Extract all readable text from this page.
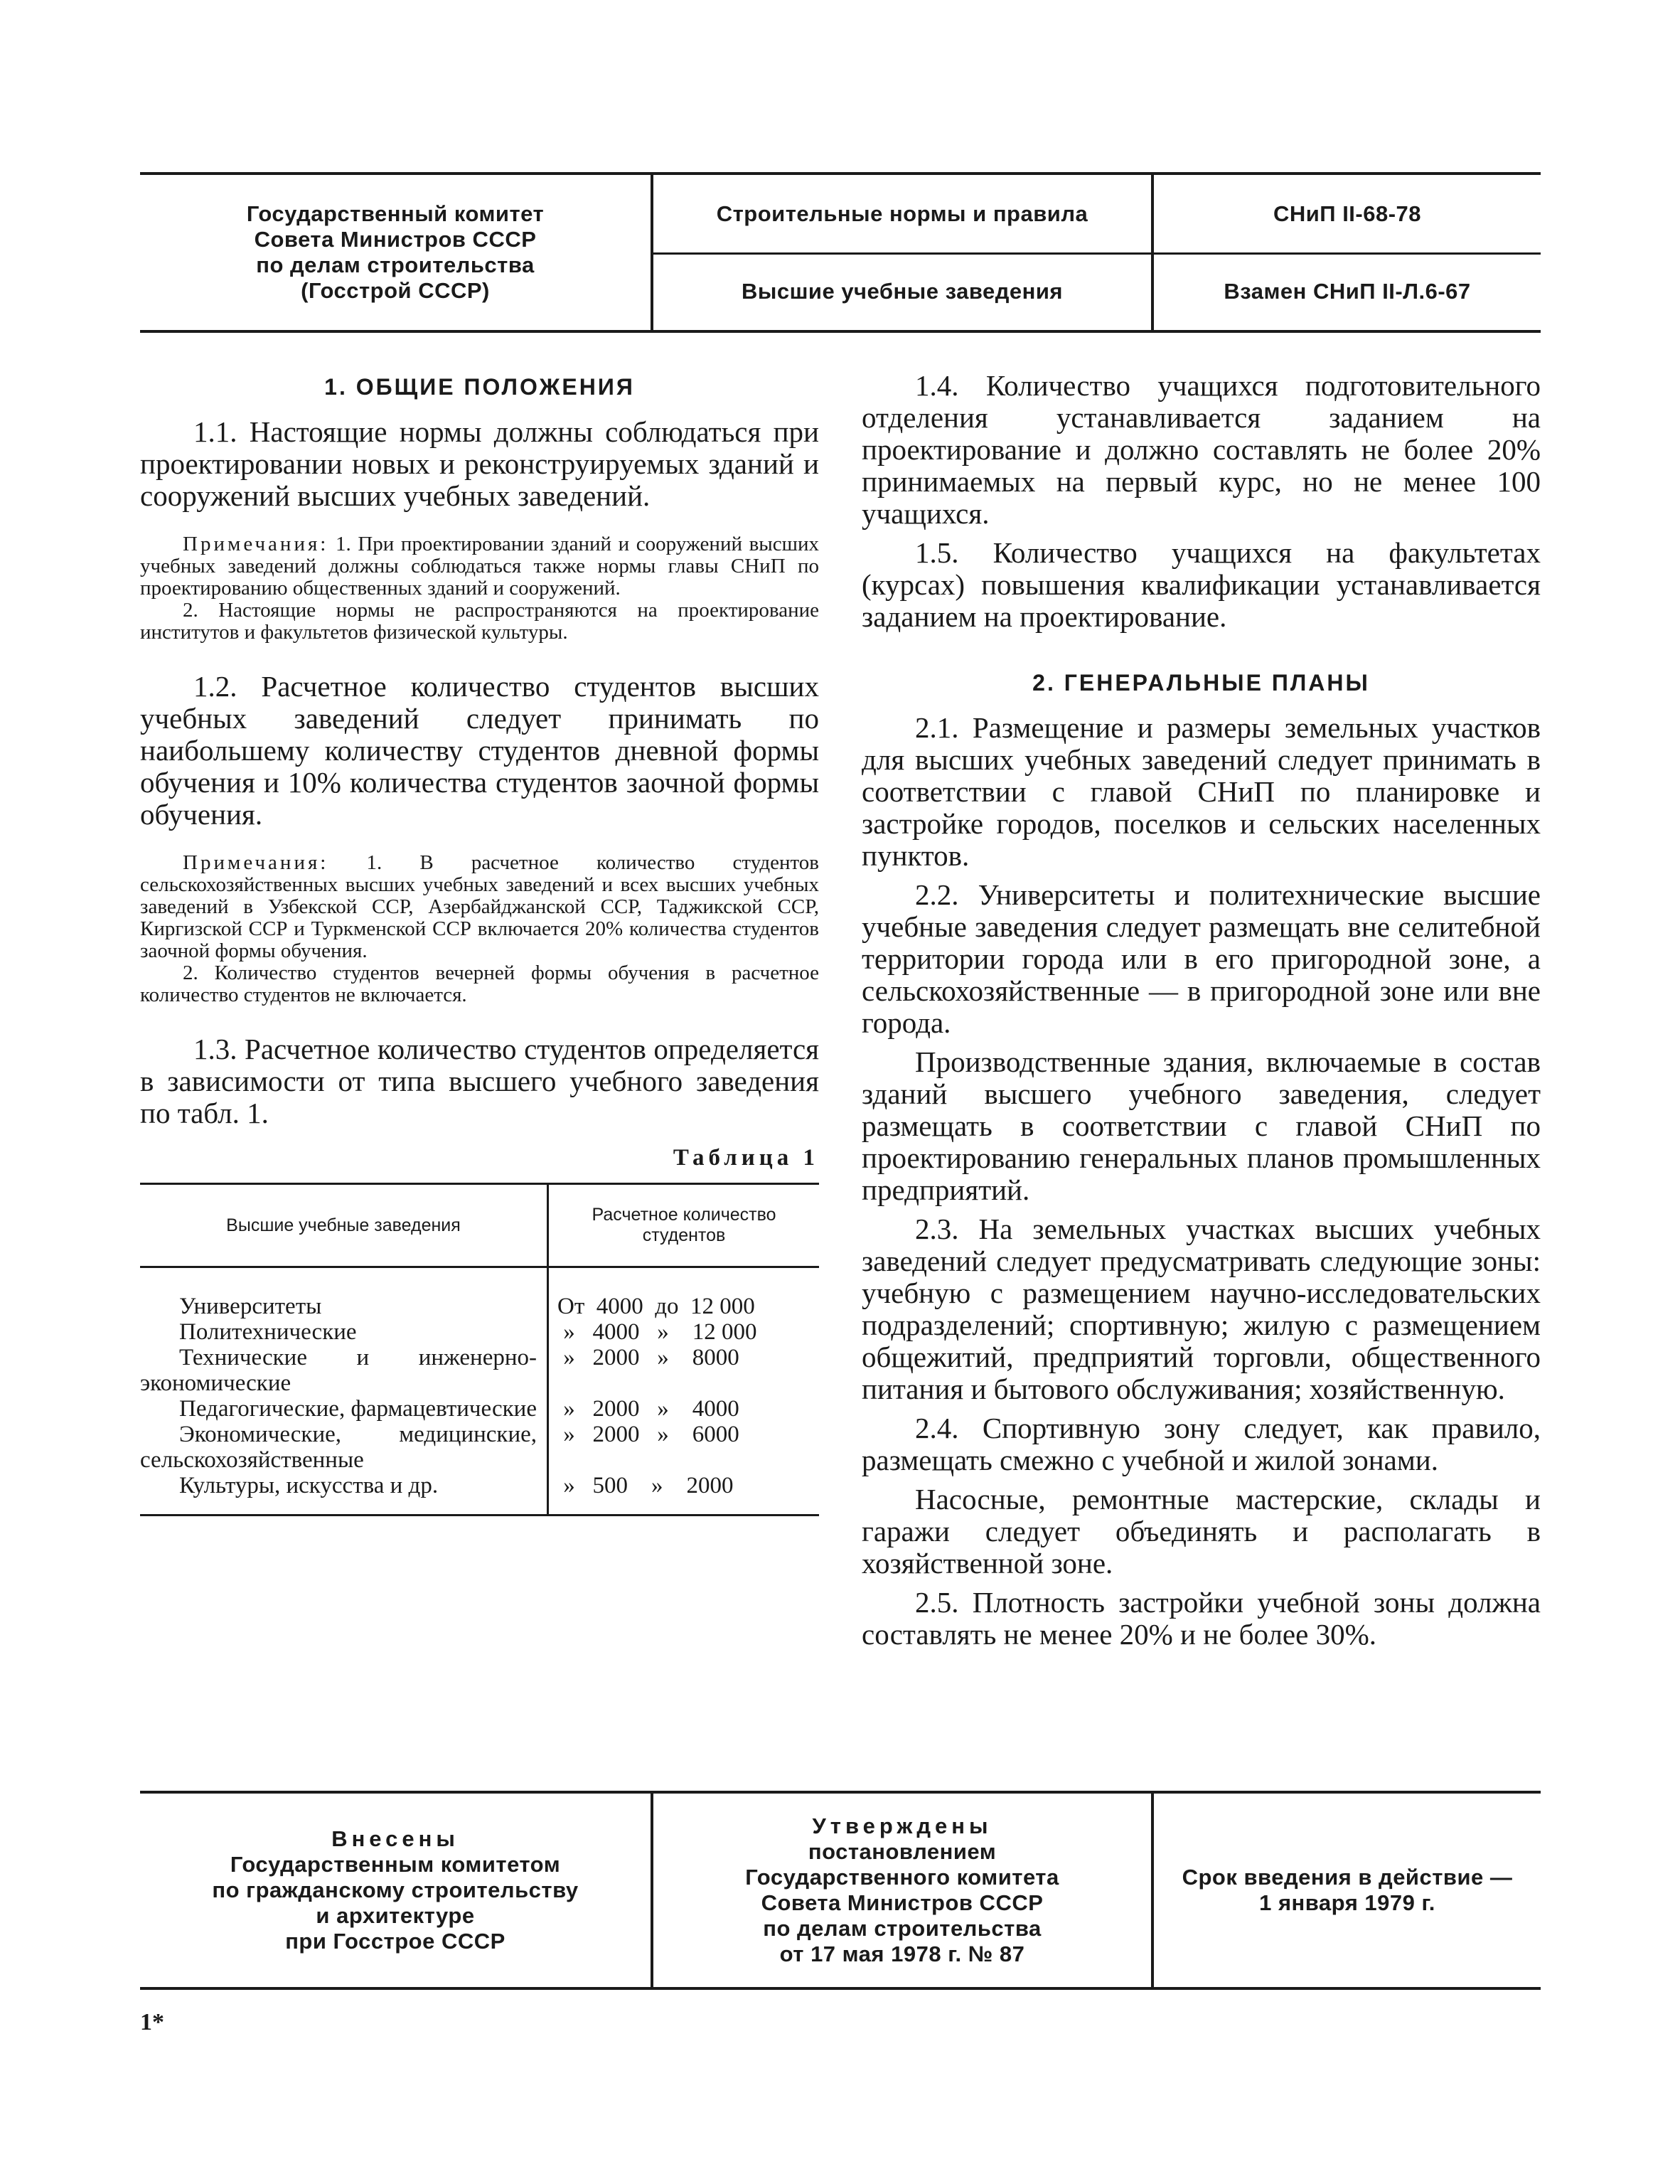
Государственный комитет
Совета Министров СССР
по делам строительства
(Госстрой СССР)
Строительные нормы и правила
Высшие учебные заведения
СНиП II-68-78
Взамен СНиП II-Л.6-67
1. ОБЩИЕ ПОЛОЖЕНИЯ

1.1. Настоящие нормы должны соблюдаться при проектировании новых и реконструируемых зданий и сооружений высших учебных заведений.

Примечания: 1. При проектировании зданий и сооружений высших учебных заведений должны соблюдаться также нормы главы СНиП по проектированию общественных зданий и сооружений.

2. Настоящие нормы не распространяются на проектирование институтов и факультетов физической культуры.

1.2. Расчетное количество студентов высших учебных заведений следует принимать по наибольшему количеству студентов дневной формы обучения и 10% количества студентов заочной формы обучения.

Примечания: 1. В расчетное количество студентов сельскохозяйственных высших учебных заведений и всех высших учебных заведений в Узбекской ССР, Азербайджанской ССР, Таджикской ССР, Киргизской ССР и Туркменской ССР включается 20% количества студентов заочной формы обучения.

2. Количество студентов вечерней формы обучения в расчетное количество студентов не включается.

1.3. Расчетное количество студентов определяется в зависимости от типа высшего учебного заведения по табл. 1.

Таблица 1
Высшие учебные заведения	Расчетное количество студентов
Университеты	От  4000  до  12 000
Политехнические	»   4000   »    12 000
Технические и инженерно-экономические	»   2000   »    8000
Педагогические, фармацевтические	»   2000   »    4000
Экономические, медицинские, сельскохозяйственные	»   2000   »    6000
Культуры, искусства и др.	»   500    »    2000

1.4. Количество учащихся подготовительного отделения устанавливается заданием на проектирование и должно составлять не более 20% принимаемых на первый курс, но не менее 100 учащихся.

1.5. Количество учащихся на факультетах (курсах) повышения квалификации устанавливается заданием на проектирование.

2. ГЕНЕРАЛЬНЫЕ ПЛАНЫ

2.1. Размещение и размеры земельных участков для высших учебных заведений следует принимать в соответствии с главой СНиП по планировке и застройке городов, поселков и сельских населенных пунктов.

2.2. Университеты и политехнические высшие учебные заведения следует размещать вне селитебной территории города или в его пригородной зоне, а сельскохозяйственные — в пригородной зоне или вне города.

Производственные здания, включаемые в состав зданий высшего учебного заведения, следует размещать в соответствии с главой СНиП по проектированию генеральных планов промышленных предприятий.

2.3. На земельных участках высших учебных заведений следует предусматривать следующие зоны: учебную с размещением научно-исследовательских подразделений; спортивную; жилую с размещением общежитий, предприятий торговли, общественного питания и бытового обслуживания; хозяйственную.

2.4. Спортивную зону следует, как правило, размещать смежно с учебной и жилой зонами.

Насосные, ремонтные мастерские, склады и гаражи следует объединять и располагать в хозяйственной зоне.

2.5. Плотность застройки учебной зоны должна составлять не менее 20% и не более 30%.

Внесены
Государственным комитетом
по гражданскому строительству
и архитектуре
при Госстрое СССР
Утверждены
постановлением
Государственного комитета
Совета Министров СССР
по делам строительства
от 17 мая 1978 г. № 87
Срок введения в действие —
1 января 1979 г.
1*
